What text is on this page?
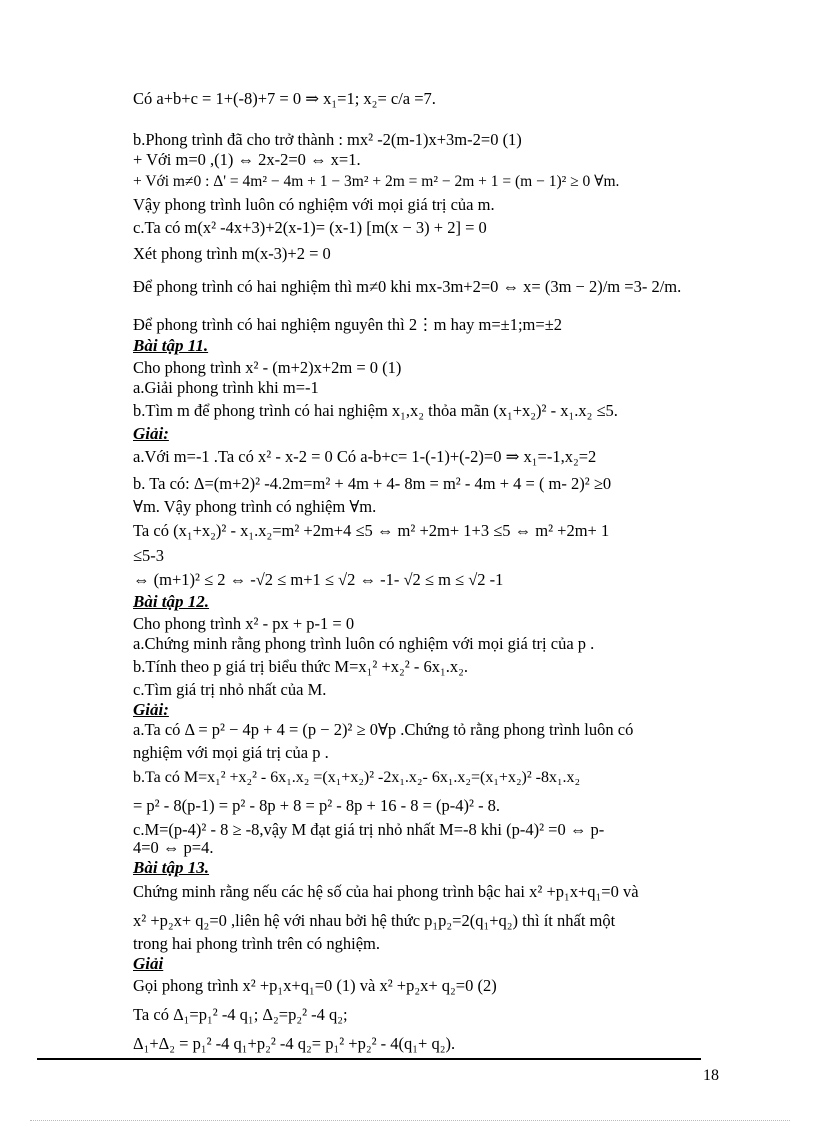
Có a+b+c = 1+(-8)+7 = 0 ⇒ x₁=1; x₂= c/a =7.
b.Phong trình đã cho trở thành : mx² -2(m-1)x+3m-2=0 (1)
+ Với m=0 ,(1) ⇔ 2x-2=0 ⇔ x=1.
+ Với m≠0 : Δ' = 4m² − 4m + 1 − 3m² + 2m = m² − 2m + 1 = (m − 1)² ≥ 0 ∀m.
Vậy phong trình luôn có nghiệm với mọi giá trị của m.
c.Ta có m(x² -4x+3)+2(x-1)= (x-1) [m(x − 3) + 2] = 0
Xét phong trình m(x-3)+2 = 0
Để phong trình có hai nghiệm thì m≠0 khi mx-3m+2=0 ⇔ x= (3m − 2)/m =3- 2/m.
Để phong trình có hai nghiệm nguyên thì 2⋮m hay m=±1;m=±2
Bài tập 11.
Cho phong trình x² - (m+2)x+2m = 0 (1)
a.Giải phong trình khi m=-1
b.Tìm m để phong trình có hai nghiệm x₁,x₂ thỏa mãn (x₁+x₂)² - x₁.x₂ ≤5.
Giải:
a.Với m=-1 .Ta có x² - x-2 = 0 Có a-b+c= 1-(-1)+(-2)=0 ⇒ x₁=-1,x₂=2
b. Ta có: Δ=(m+2)² -4.2m=m² + 4m + 4- 8m = m² - 4m + 4 = ( m- 2)² ≥0
∀m. Vậy phong trình có nghiệm ∀m.
Ta có (x₁+x₂)² - x₁.x₂=m² +2m+4 ≤5 ⇔ m² +2m+ 1+3 ≤5 ⇔ m² +2m+ 1
≤5-3
⇔ (m+1)² ≤ 2 ⇔ -√2 ≤ m+1 ≤ √2 ⇔ -1- √2 ≤ m ≤ √2 -1
Bài tập 12.
Cho phong trình x² - px + p-1 = 0
a.Chứng minh rằng phong trình luôn có nghiệm với mọi giá trị của p .
b.Tính theo p giá trị biểu thức M=x₁² +x₂² - 6x₁.x₂.
c.Tìm giá trị nhỏ nhất của M.
Giải:
a.Ta có Δ = p² − 4p + 4 = (p − 2)² ≥ 0∀p .Chứng tỏ rằng phong trình luôn có
nghiệm với mọi giá trị của p .
b.Ta có M=x₁² +x₂² - 6x₁.x₂ =(x₁+x₂)² -2x₁.x₂- 6x₁.x₂=(x₁+x₂)² -8x₁.x₂
= p² - 8(p-1) = p² - 8p + 8 = p² - 8p + 16 - 8 = (p-4)² - 8.
c.M=(p-4)² - 8 ≥ -8,vậy M đạt giá trị nhỏ nhất M=-8 khi (p-4)² =0 ⇔ p-
4=0 ⇔ p=4.
Bài tập 13.
Chứng minh rằng nếu các hệ số của hai phong trình bậc hai x² +p₁x+q₁=0 và
x² +p₂x+ q₂=0 ,liên hệ với nhau bởi hệ thức p₁p₂=2(q₁+q₂) thì ít nhất một
trong hai phong trình trên có nghiệm.
Giải
Gọi phong trình x² +p₁x+q₁=0 (1) và x² +p₂x+ q₂=0 (2)
Ta có Δ₁=p₁² -4 q₁; Δ₂=p₂² -4 q₂;
Δ₁+Δ₂ = p₁² -4 q₁+p₂² -4 q₂= p₁² +p₂² - 4(q₁+ q₂).
18
